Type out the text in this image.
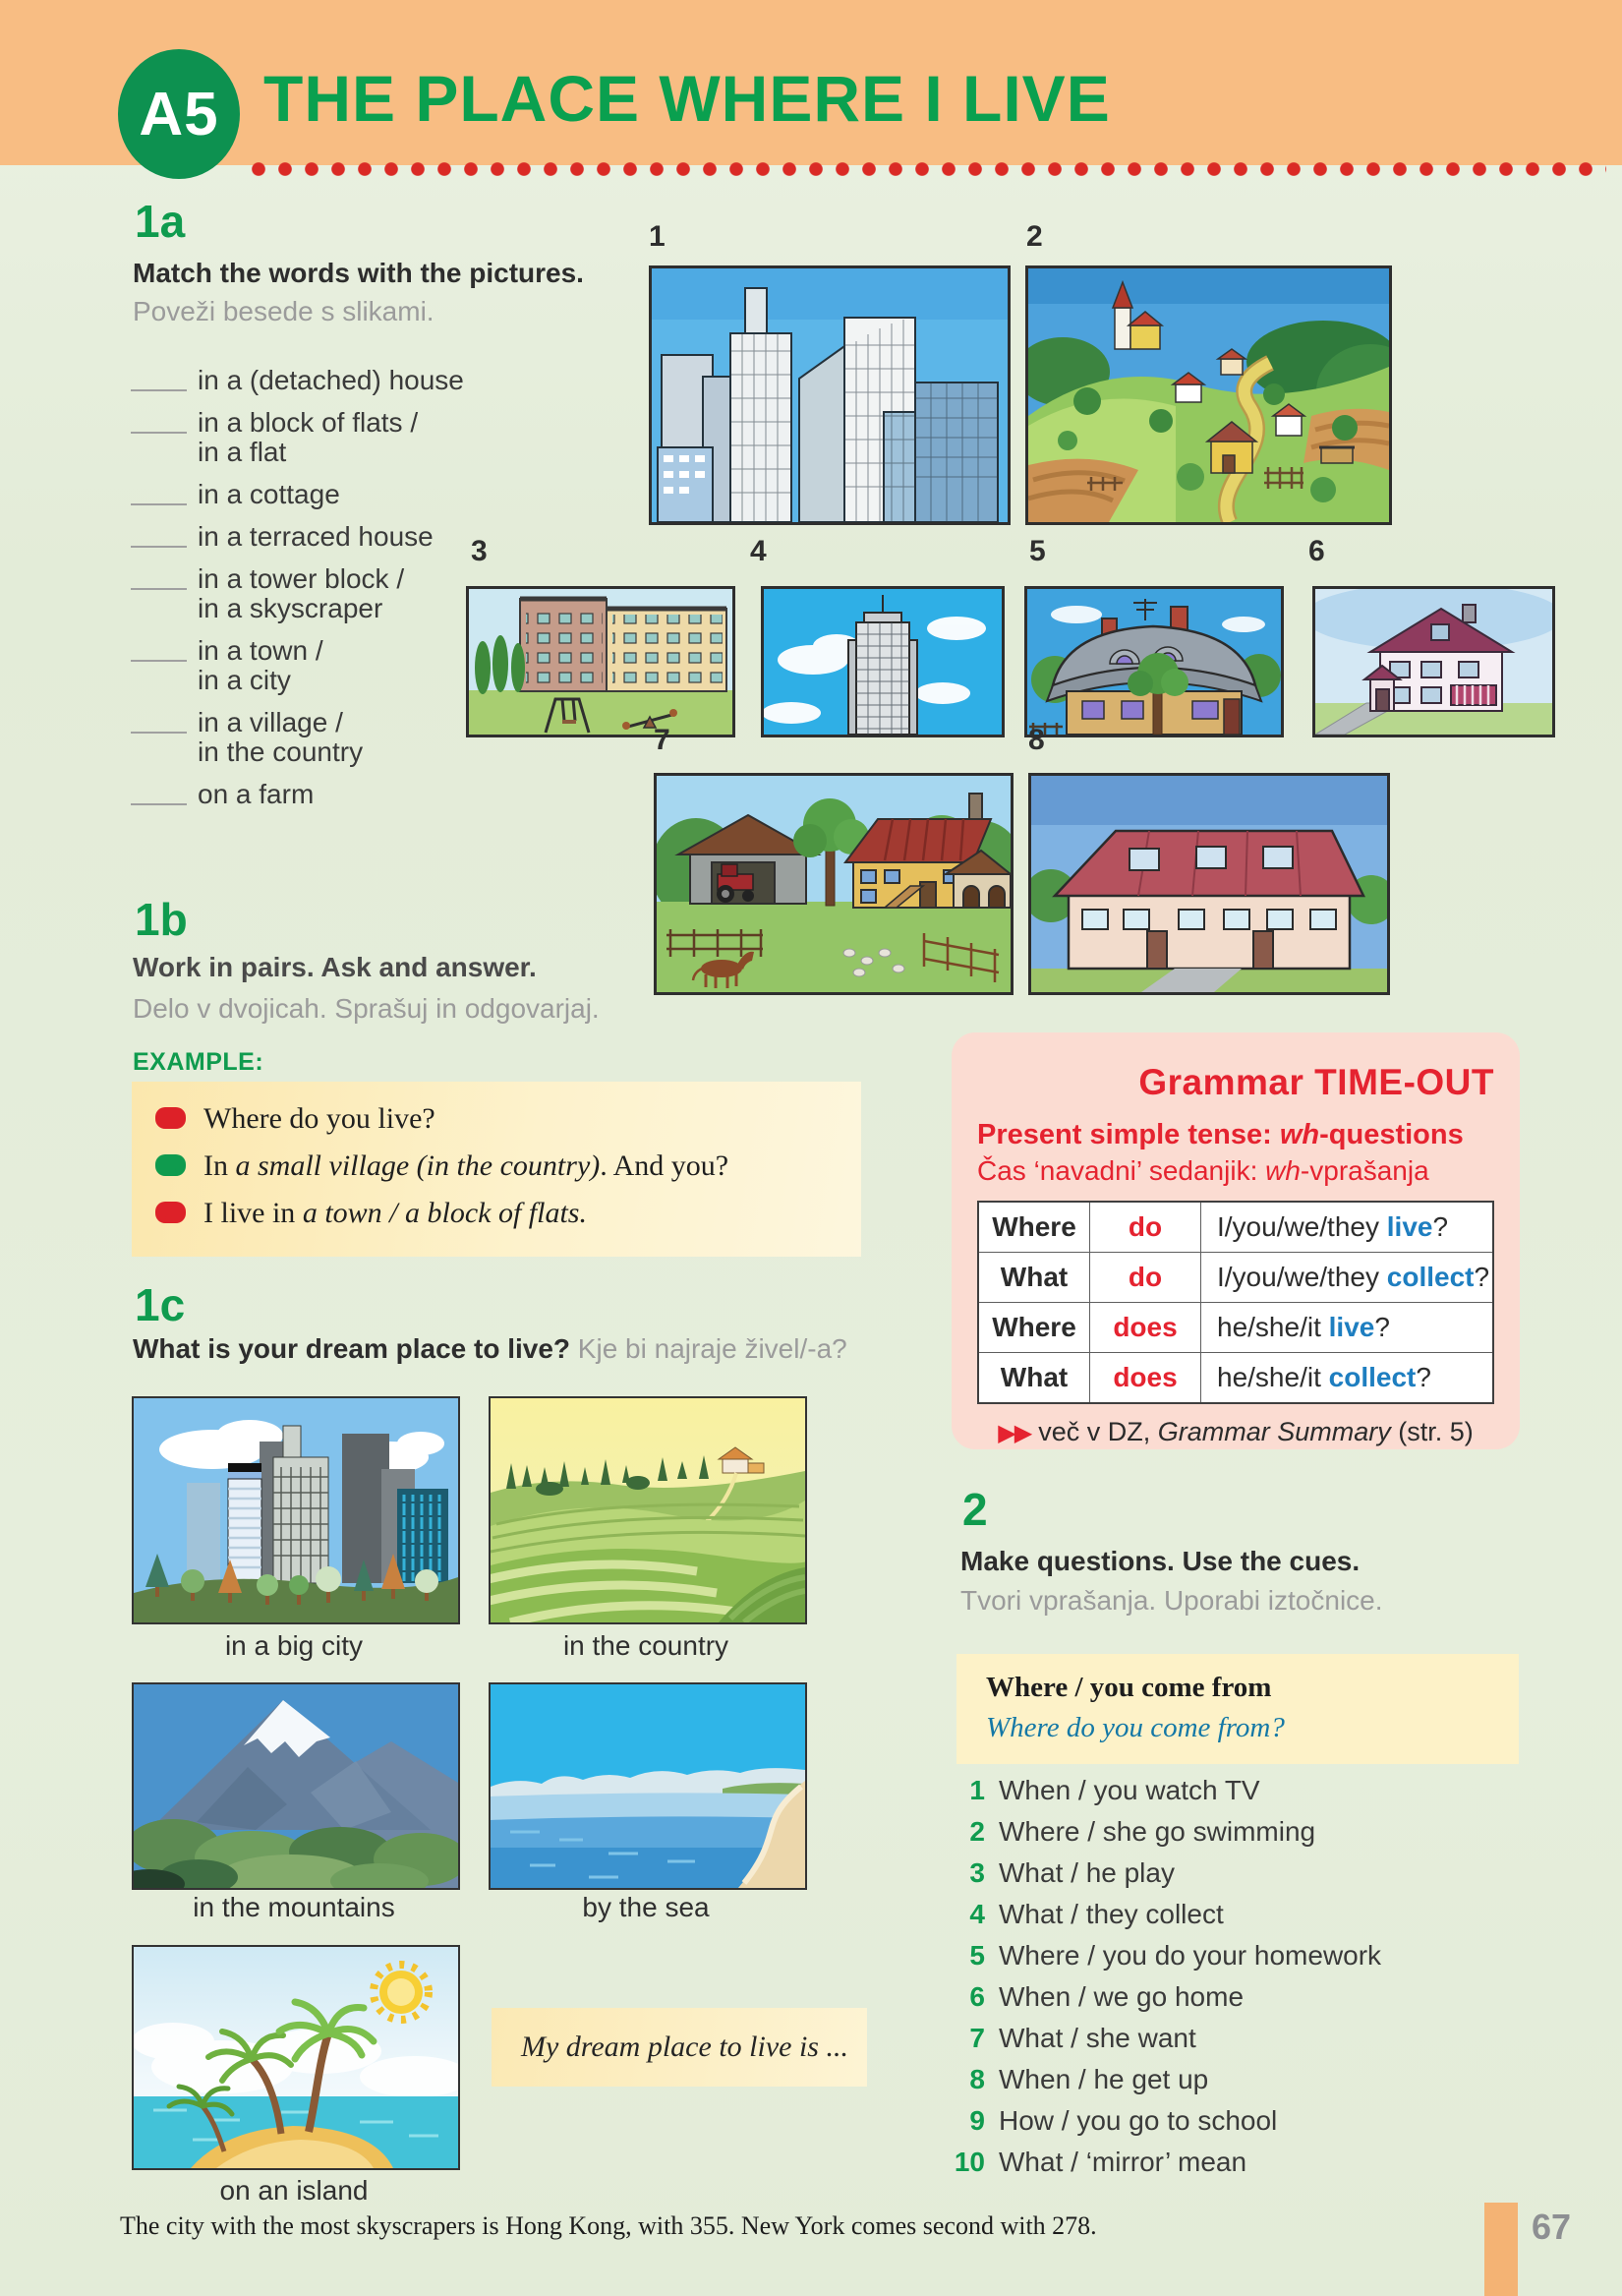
A5 THE PLACE WHERE I LIVE
1a
Match the words with the pictures.
Poveži besede s slikami.
in a (detached) house
in a block of flats /
in a flat
in a cottage
in a terraced house
in a tower block /
in a skyscraper
in a town /
in a city
in a village /
in the country
on a farm
1	2
3	4	5	6
7	8
1b
Work in pairs. Ask and answer.
Delo v dvojicah. Sprašuj in odgovarjaj.
EXAMPLE:
Where do you live?
In a small village (in the country). And you?
I live in a town / a block of flats.
Grammar TIME-OUT
Present simple tense: wh-questions
Čas ‘navadni’ sedanjik: wh-vprašanja
Where	do	I/you/we/they live?
What	do	I/you/we/they collect?
Where	does	he/she/it live?
What	does	he/she/it collect?
▶▶ več v DZ, Grammar Summary (str. 5)
1c
What is your dream place to live? Kje bi najraje živel/-a?
in a big city	in the country
in the mountains	by the sea
on an island
My dream place to live is ...
2
Make questions. Use the cues.
Tvori vprašanja. Uporabi iztočnice.
Where / you come from
Where do you come from?
1 When / you watch TV
2 Where / she go swimming
3 What / he play
4 What / they collect
5 Where / you do your homework
6 When / we go home
7 What / she want
8 When / he get up
9 How / you go to school
10 What / ‘mirror’ mean
The city with the most skyscrapers is Hong Kong, with 355. New York comes second with 278.	67
